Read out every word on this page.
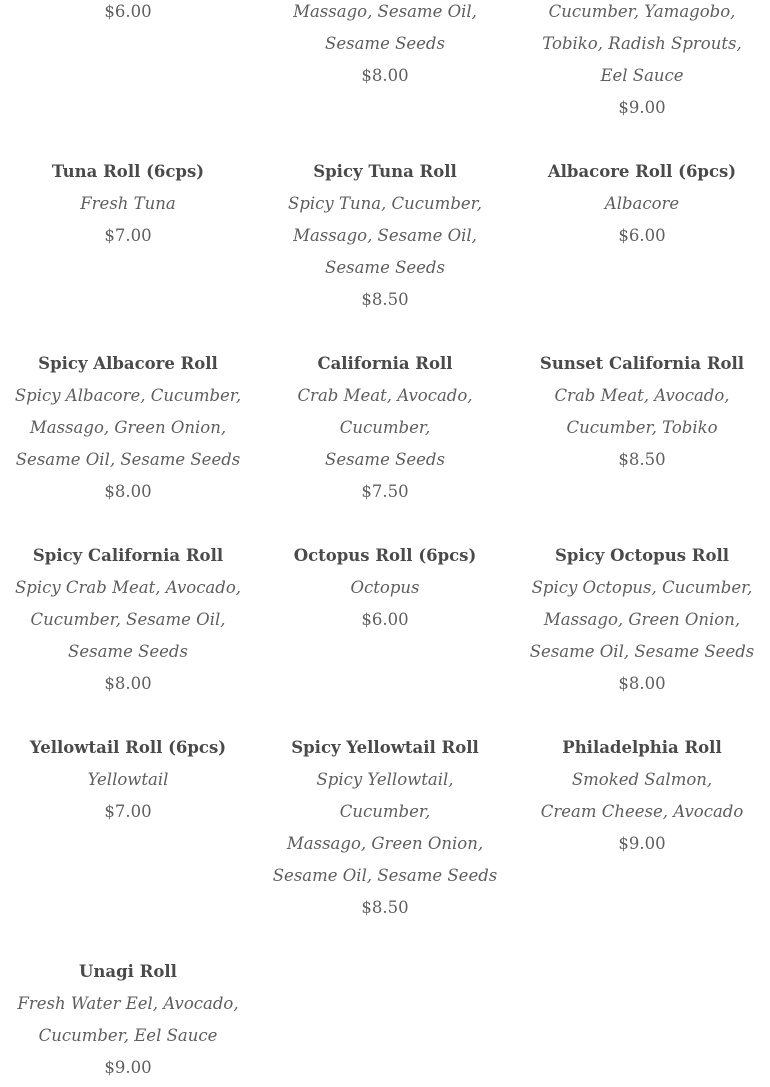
$6.00	Massago, Sesame Oil,
Sesame Seeds
$8.00
Cucumber, Yamagobo,
Tobiko, Radish Sprouts,
Eel Sauce
$9.00
Tuna Roll (6cps)
Fresh Tuna
$7.00
Spicy Tuna Roll
Spicy Tuna, Cucumber,
Massago, Sesame Oil,
Sesame Seeds
$8.50
Albacore Roll (6pcs)
Albacore
$6.00
Spicy Albacore Roll
Spicy Albacore, Cucumber,
Massago, Green Onion,
Sesame Oil, Sesame Seeds
$8.00
California Roll
Crab Meat, Avocado,
Cucumber,
Sesame Seeds
$7.50
Sunset California Roll
Crab Meat, Avocado,
Cucumber, Tobiko
$8.50
Spicy California Roll
Spicy Crab Meat, Avocado,
Cucumber, Sesame Oil,
Sesame Seeds
$8.00
Octopus Roll (6pcs)
Octopus
$6.00
Spicy Octopus Roll
Spicy Octopus, Cucumber,
Massago, Green Onion,
Sesame Oil, Sesame Seeds
$8.00
Yellowtail Roll (6pcs)
Yellowtail
$7.00
Spicy Yellowtail Roll
Spicy Yellowtail,
Cucumber,
Massago, Green Onion,
Sesame Oil, Sesame Seeds
$8.50
Philadelphia Roll
Smoked Salmon,
Cream Cheese, Avocado
$9.00
Unagi Roll
Fresh Water Eel, Avocado,
Cucumber, Eel Sauce
$9.00
